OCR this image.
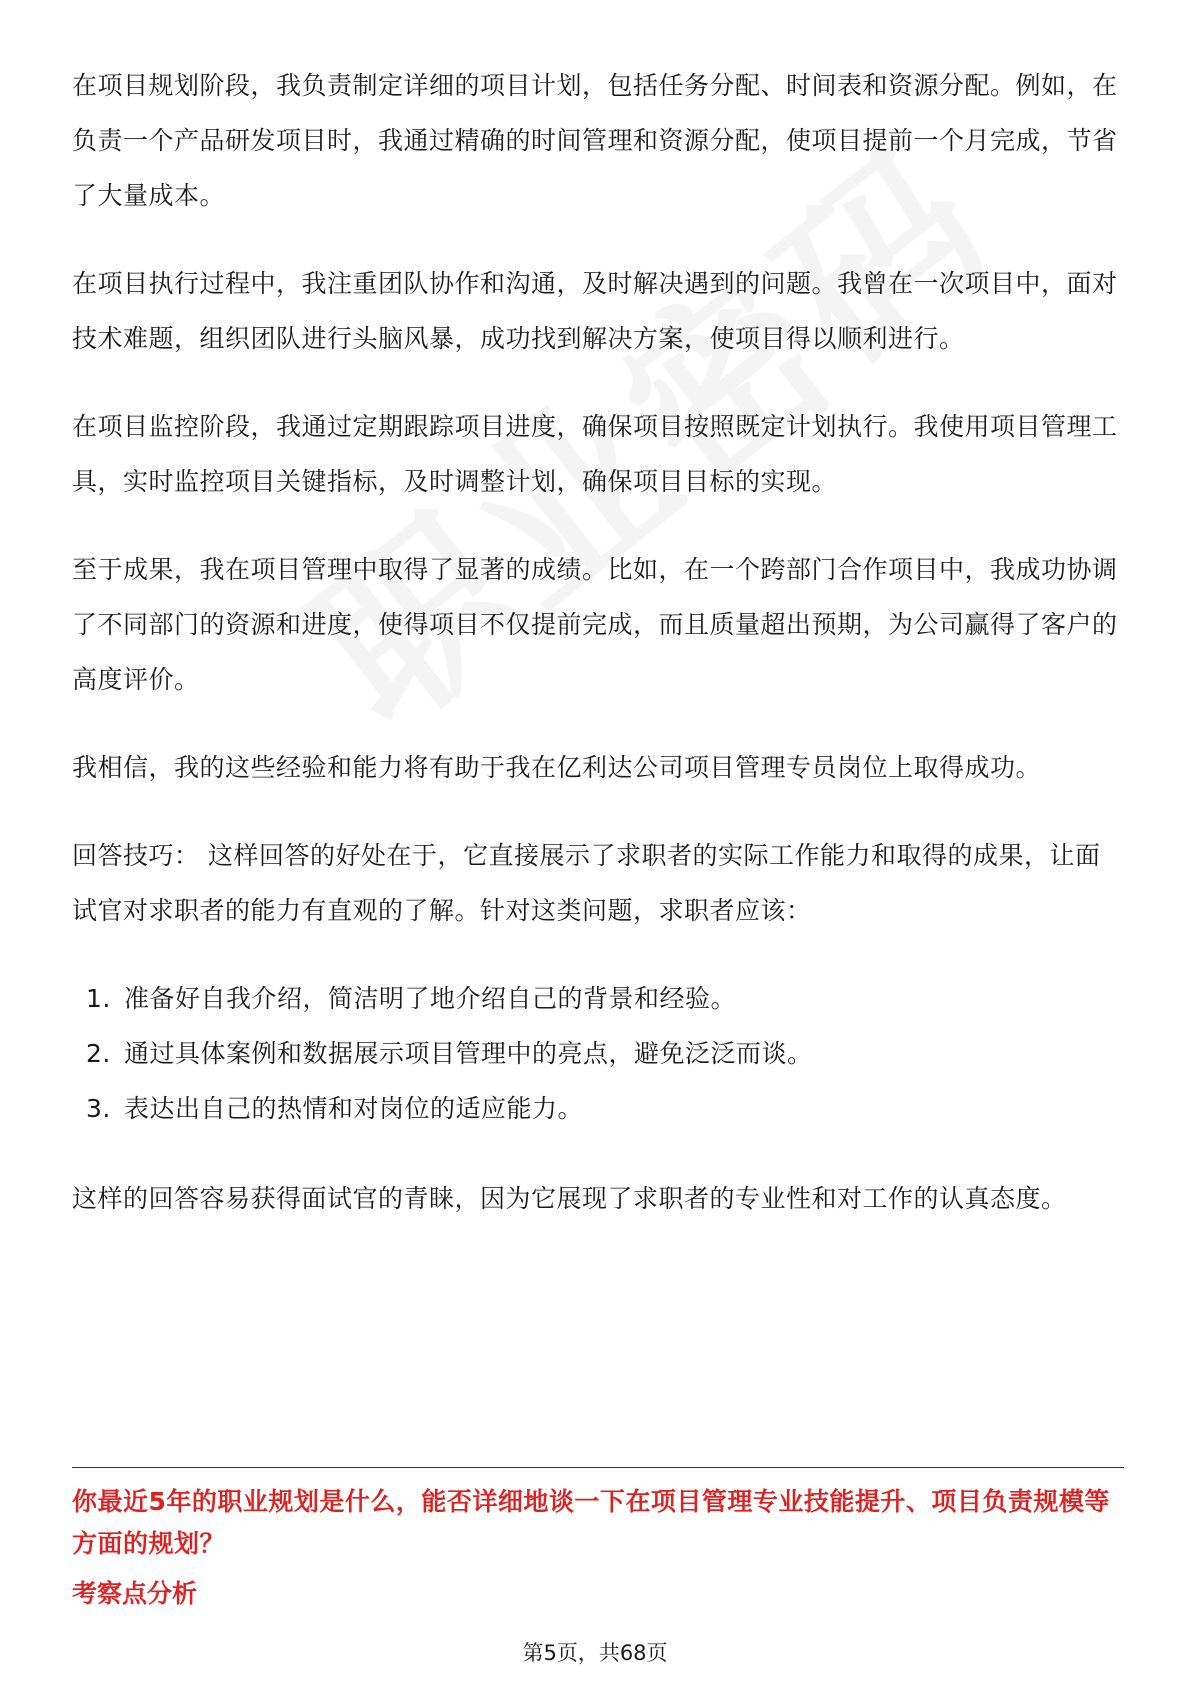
在项目规划阶段，我负责制定详细的项目计划，包括任务分配、时间表和资源分配。例如，在负责一个产品研发项目时，我通过精确的时间管理和资源分配，使项目提前一个月完成，节省了大量成本。

在项目执行过程中，我注重团队协作和沟通，及时解决遇到的问题。我曾在一次项目中，面对技术难题，组织团队进行头脑风暴，成功找到解决方案，使项目得以顺利进行。

在项目监控阶段，我通过定期跟踪项目进度，确保项目按照既定计划执行。我使用项目管理工具，实时监控项目关键指标，及时调整计划，确保项目目标的实现。

至于成果，我在项目管理中取得了显著的成绩。比如，在一个跨部门合作项目中，我成功协调了不同部门的资源和进度，使得项目不仅提前完成，而且质量超出预期，为公司赢得了客户的高度评价。

我相信，我的这些经验和能力将有助于我在亿利达公司项目管理专员岗位上取得成功。

回答技巧： 这样回答的好处在于，它直接展示了求职者的实际工作能力和取得的成果，让面试官对求职者的能力有直观的了解。针对这类问题，求职者应该：

1. 准备好自我介绍，简洁明了地介绍自己的背景和经验。
2. 通过具体案例和数据展示项目管理中的亮点，避免泛泛而谈。
3. 表达出自己的热情和对岗位的适应能力。

这样的回答容易获得面试官的青睐，因为它展现了求职者的专业性和对工作的认真态度。

你最近5年的职业规划是什么，能否详细地谈一下在项目管理专业技能提升、项目负责规模等方面的规划？
考察点分析
第5页，共68页
